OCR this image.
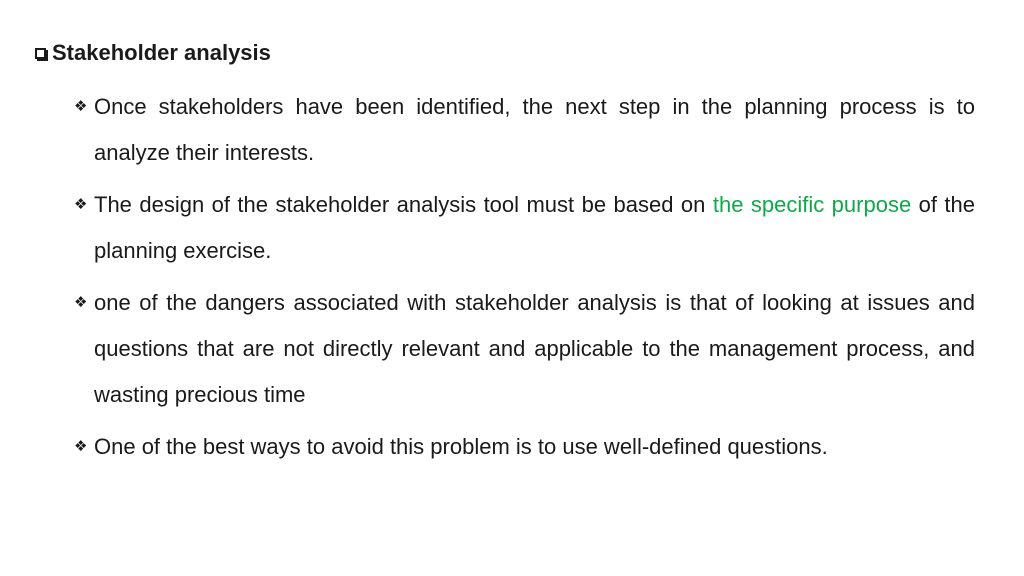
Stakeholder analysis
❖ Once stakeholders have been identified, the next step in the planning process is to analyze their interests.
❖ The design of the stakeholder analysis tool must be based on the specific purpose of the planning exercise.
❖ one of the dangers associated with stakeholder analysis is that of looking at issues and questions that are not directly relevant and applicable to the management process, and wasting precious time
❖ One of the best ways to avoid this problem is to use well-defined questions.
